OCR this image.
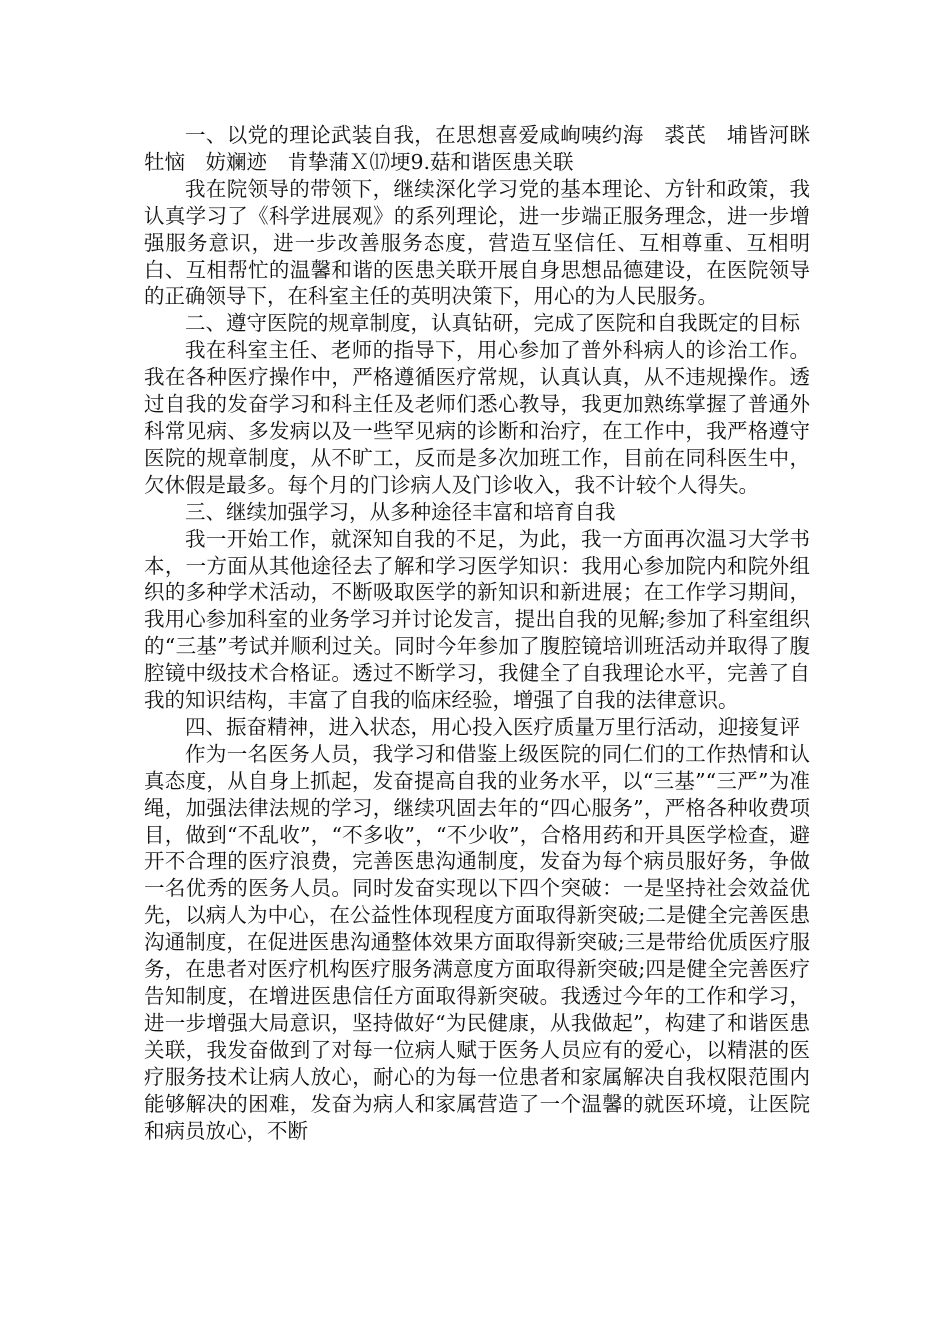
一、以党的理论武装自我，在思想喜爱咸峋咦约海　裘芪　埔皆河眯牡恼　妨斓迹　肯挚蒲Ｘ⒄埂9.菇和谐医患关联

我在院领导的带领下，继续深化学习党的基本理论、方针和政策，我认真学习了《科学进展观》的系列理论，进一步端正服务理念，进一步增强服务意识，进一步改善服务态度，营造互坚信任、互相尊重、互相明白、互相帮忙的温馨和谐的医患关联开展自身思想品德建设，在医院领导的正确领导下，在科室主任的英明决策下，用心的为人民服务。

二、遵守医院的规章制度，认真钻研，完成了医院和自我既定的目标

我在科室主任、老师的指导下，用心参加了普外科病人的诊治工作。我在各种医疗操作中，严格遵循医疗常规，认真认真，从不违规操作。透过自我的发奋学习和科主任及老师们悉心教导，我更加熟练掌握了普通外科常见病、多发病以及一些罕见病的诊断和治疗，在工作中，我严格遵守医院的规章制度，从不旷工，反而是多次加班工作，目前在同科医生中，欠休假是最多。每个月的门诊病人及门诊收入，我不计较个人得失。

三、继续加强学习，从多种途径丰富和培育自我

我一开始工作，就深知自我的不足，为此，我一方面再次温习大学书本，一方面从其他途径去了解和学习医学知识：我用心参加院内和院外组织的多种学术活动，不断吸取医学的新知识和新进展；在工作学习期间，我用心参加科室的业务学习并讨论发言，提出自我的见解;参加了科室组织的“三基”考试并顺利过关。同时今年参加了腹腔镜培训班活动并取得了腹腔镜中级技术合格证。透过不断学习，我健全了自我理论水平，完善了自我的知识结构，丰富了自我的临床经验，增强了自我的法律意识。

四、振奋精神，进入状态，用心投入医疗质量万里行活动，迎接复评

作为一名医务人员，我学习和借鉴上级医院的同仁们的工作热情和认真态度，从自身上抓起，发奋提高自我的业务水平，以“三基”“三严”为准绳，加强法律法规的学习，继续巩固去年的“四心服务”，严格各种收费项目，做到“不乱收”，“不多收”，“不少收”，合格用药和开具医学检查，避开不合理的医疗浪费，完善医患沟通制度，发奋为每个病员服好务，争做一名优秀的医务人员。同时发奋实现以下四个突破：一是坚持社会效益优先，以病人为中心，在公益性体现程度方面取得新突破;二是健全完善医患沟通制度，在促进医患沟通整体效果方面取得新突破;三是带给优质医疗服务，在患者对医疗机构医疗服务满意度方面取得新突破;四是健全完善医疗告知制度，在增进医患信任方面取得新突破。我透过今年的工作和学习，进一步增强大局意识，坚持做好“为民健康，从我做起”，构建了和谐医患关联，我发奋做到了对每一位病人赋于医务人员应有的爱心，以精湛的医疗服务技术让病人放心，耐心的为每一位患者和家属解决自我权限范围内能够解决的困难，发奋为病人和家属营造了一个温馨的就医环境，让医院和病员放心，不断
